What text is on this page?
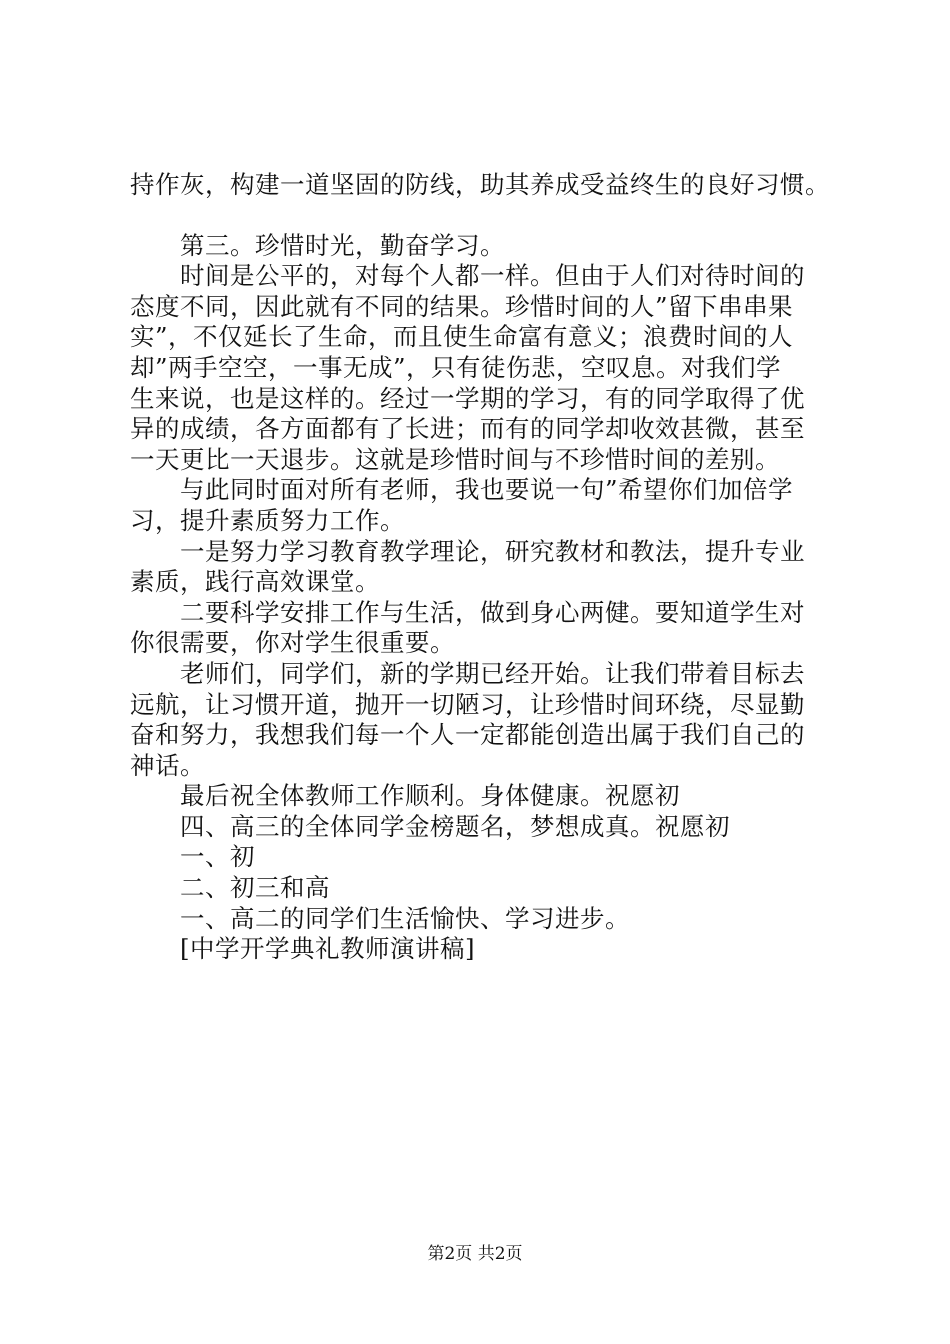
持作灰，构建一道坚固的防线，助其养成受益终生的良好习惯。

第三。珍惜时光，勤奋学习。

时间是公平的，对每个人都一样。但由于人们对待时间的

态度不同，因此就有不同的结果。珍惜时间的人”留下串串果

实”，不仅延长了生命，而且使生命富有意义；浪费时间的人

却”两手空空，一事无成”，只有徒伤悲，空叹息。对我们学

生来说，也是这样的。经过一学期的学习，有的同学取得了优

异的成绩，各方面都有了长进；而有的同学却收效甚微，甚至

一天更比一天退步。这就是珍惜时间与不珍惜时间的差别。

与此同时面对所有老师，我也要说一句”希望你们加倍学

习，提升素质努力工作。

一是努力学习教育教学理论，研究教材和教法，提升专业

素质，践行高效课堂。

二要科学安排工作与生活，做到身心两健。要知道学生对

你很需要，你对学生很重要。

老师们，同学们，新的学期已经开始。让我们带着目标去

远航，让习惯开道，抛开一切陋习，让珍惜时间环绕，尽显勤

奋和努力，我想我们每一个人一定都能创造出属于我们自己的

神话。

最后祝全体教师工作顺利。身体健康。祝愿初

四、高三的全体同学金榜题名，梦想成真。祝愿初

一、初

二、初三和高

一、高二的同学们生活愉快、学习进步。

[中学开学典礼教师演讲稿]

第2页 共2页
